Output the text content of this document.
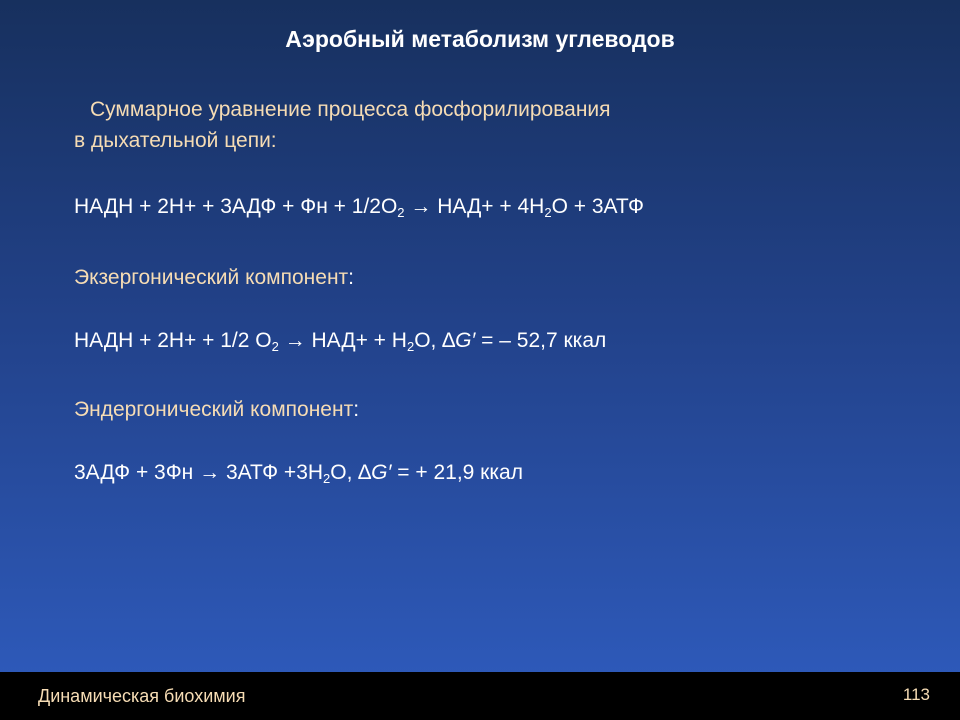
Аэробный метаболизм углеводов
Суммарное уравнение процесса фосфорилирования
в дыхательной цепи:
НАДН + 2Н+ + 3АДФ + Фн + $1/2О_2 \to НАД+ + 4Н_2О + 3АТФ$
Экзергонический компонент:
НАДН + 2Н+ + 1/2 $О_2 \to НАД+ + Н_2О$, ∆G′ = – 52,7 ккал
Эндергонический компонент:
$3АДФ + 3Фн \to 3АТФ +3Н_2О$, ∆G′ = + 21,9 ккал
Динамическая биохимия	113
